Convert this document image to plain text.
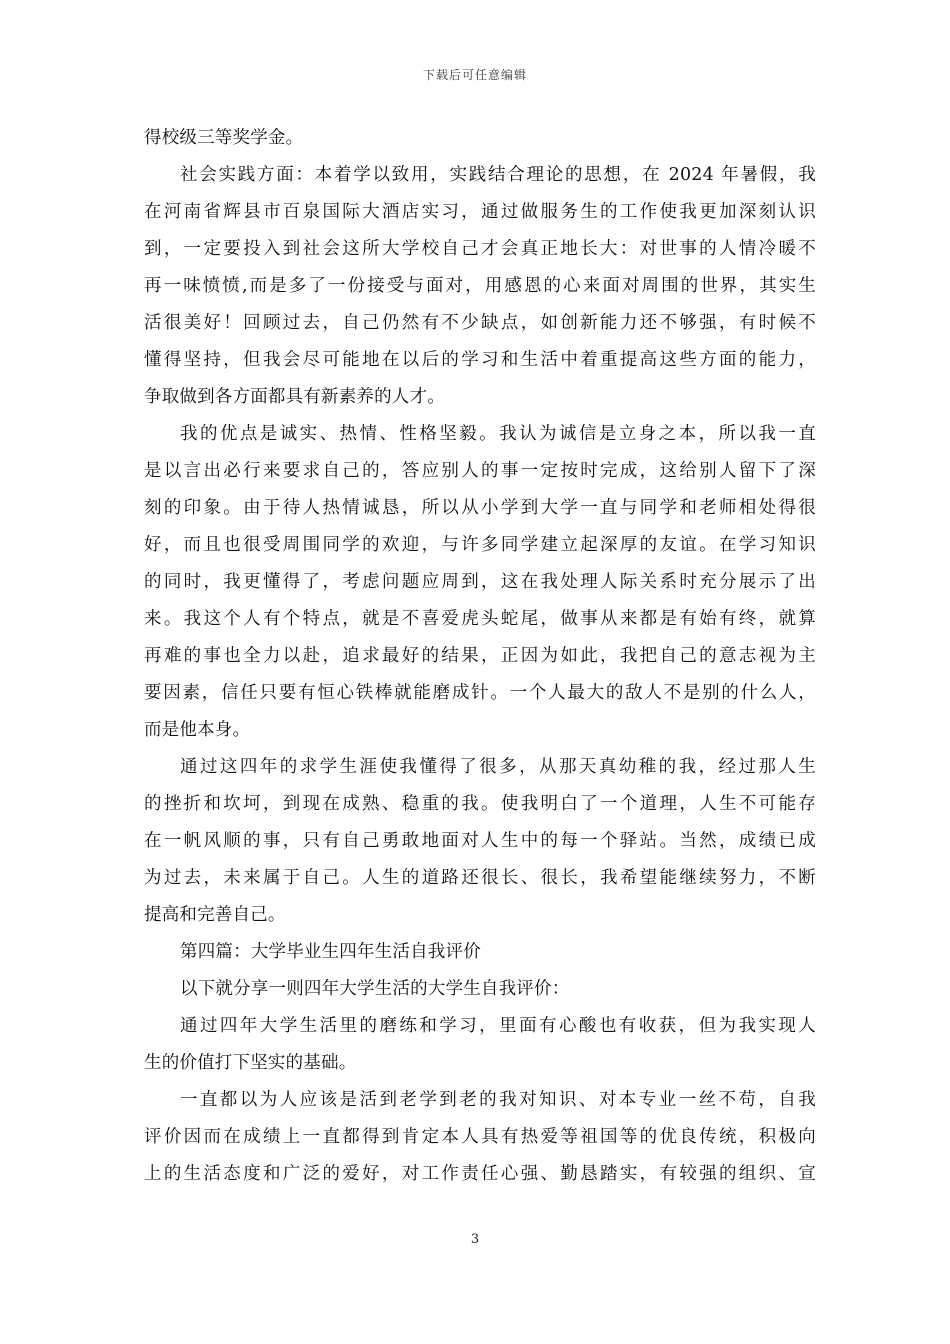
下载后可任意编辑
得校级三等奖学金。
社会实践方面：本着学以致用，实践结合理论的思想，在 2024 年暑假，我
在河南省辉县市百泉国际大酒店实习，通过做服务生的工作使我更加深刻认识
到，一定要投入到社会这所大学校自己才会真正地长大：对世事的人情冷暖不
再一味愤愤,而是多了一份接受与面对，用感恩的心来面对周围的世界，其实生
活很美好！回顾过去，自己仍然有不少缺点，如创新能力还不够强，有时候不
懂得坚持，但我会尽可能地在以后的学习和生活中着重提高这些方面的能力，
争取做到各方面都具有新素养的人才。
我的优点是诚实、热情、性格坚毅。我认为诚信是立身之本，所以我一直
是以言出必行来要求自己的，答应别人的事一定按时完成，这给别人留下了深
刻的印象。由于待人热情诚恳，所以从小学到大学一直与同学和老师相处得很
好，而且也很受周围同学的欢迎，与许多同学建立起深厚的友谊。在学习知识
的同时，我更懂得了，考虑问题应周到，这在我处理人际关系时充分展示了出
来。我这个人有个特点，就是不喜爱虎头蛇尾，做事从来都是有始有终，就算
再难的事也全力以赴，追求最好的结果，正因为如此，我把自己的意志视为主
要因素，信任只要有恒心铁棒就能磨成针。一个人最大的敌人不是别的什么人，
而是他本身。
通过这四年的求学生涯使我懂得了很多，从那天真幼稚的我，经过那人生
的挫折和坎坷，到现在成熟、稳重的我。使我明白了一个道理，人生不可能存
在一帆风顺的事，只有自己勇敢地面对人生中的每一个驿站。当然，成绩已成
为过去，未来属于自己。人生的道路还很长、很长，我希望能继续努力，不断
提高和完善自己。
第四篇：大学毕业生四年生活自我评价
以下就分享一则四年大学生活的大学生自我评价：
通过四年大学生活里的磨练和学习，里面有心酸也有收获，但为我实现人
生的价值打下坚实的基础。
一直都以为人应该是活到老学到老的我对知识、对本专业一丝不苟，自我
评价因而在成绩上一直都得到肯定本人具有热爱等祖国等的优良传统，积极向
上的生活态度和广泛的爱好，对工作责任心强、勤恳踏实，有较强的组织、宣
3
